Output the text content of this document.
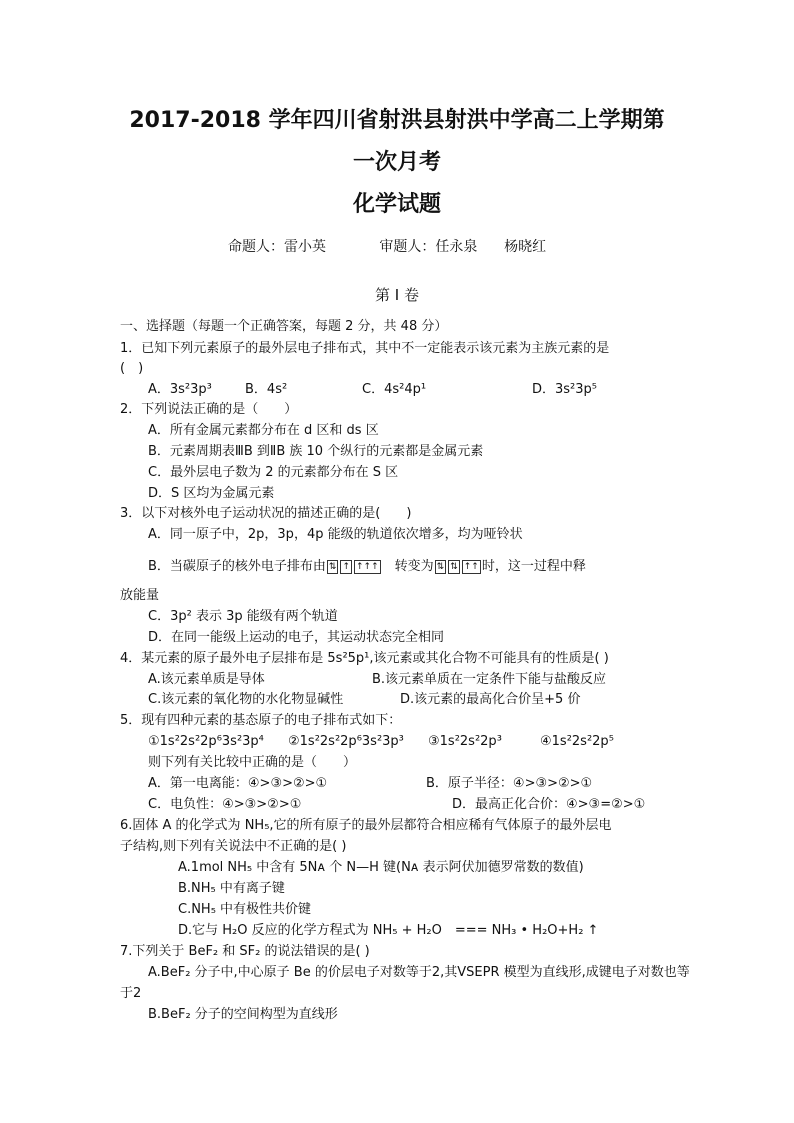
2017-2018 学年四川省射洪县射洪中学高二上学期第
一次月考
化学试题
命题人：雷小英	审题人：任永泉 杨晓红
第 I 卷
一、选择题（每题一个正确答案，每题 2 分，共 48 分）
1．已知下列元素原子的最外层电子排布式，其中不一定能表示该元素为主族元素的是
(　)
A．3s²3p³	B．4s²	C．4s²4p¹	D．3s²3p⁵
2．下列说法正确的是（　　）
A．所有金属元素都分布在 d 区和 ds 区
B．元素周期表ⅢB 到ⅡB 族 10 个纵行的元素都是金属元素
C．最外层电子数为 2 的元素都分布在 S 区
D．S 区均为金属元素
3．以下对核外电子运动状况的描述正确的是(　　)
A．同一原子中，2p，3p，4p 能级的轨道依次增多，均为哑铃状
B．当碳原子的核外电子排布由 ⇅ ↑ ↑↑↑　 转变为 ⇅ ⇅ ↑↑ 时，这一过程中释
放能量
C．3p² 表示 3p 能级有两个轨道
D．在同一能级上运动的电子，其运动状态完全相同
4．某元素的原子最外电子层排布是 5s²5p¹,该元素或其化合物不可能具有的性质是( )
A.该元素单质是导体	B.该元素单质在一定条件下能与盐酸反应
C.该元素的氧化物的水化物显碱性	D.该元素的最高化合价呈+5 价
5．现有四种元素的基态原子的电子排布式如下：
①1s²2s²2p⁶3s²3p⁴ ②1s²2s²2p⁶3s²3p³ ③1s²2s²2p³	④1s²2s²2p⁵
则下列有关比较中正确的是（　　）
A．第一电离能：④>③>②>①	B．原子半径：④>③>②>①
C．电负性：④>③>②>①	D．最高正化合价：④>③=②>①
6.固体 A 的化学式为 NH₅,它的所有原子的最外层都符合相应稀有气体原子的最外层电
子结构,则下列有关说法中不正确的是( )
A.1mol NH₅ 中含有 5Nᴀ 个 N—H 键(Nᴀ 表示阿伏加德罗常数的数值)
B.NH₅ 中有离子键
C.NH₅ 中有极性共价键
D.它与 H₂O 反应的化学方程式为 NH₅ + H₂O　=== NH₃ • H₂O+H₂ ↑
7.下列关于 BeF₂ 和 SF₂ 的说法错误的是( )
A.BeF₂ 分子中,中心原子 Be 的价层电子对数等于2,其VSEPR 模型为直线形,成键电子对数也等
于2
B.BeF₂ 分子的空间构型为直线形
